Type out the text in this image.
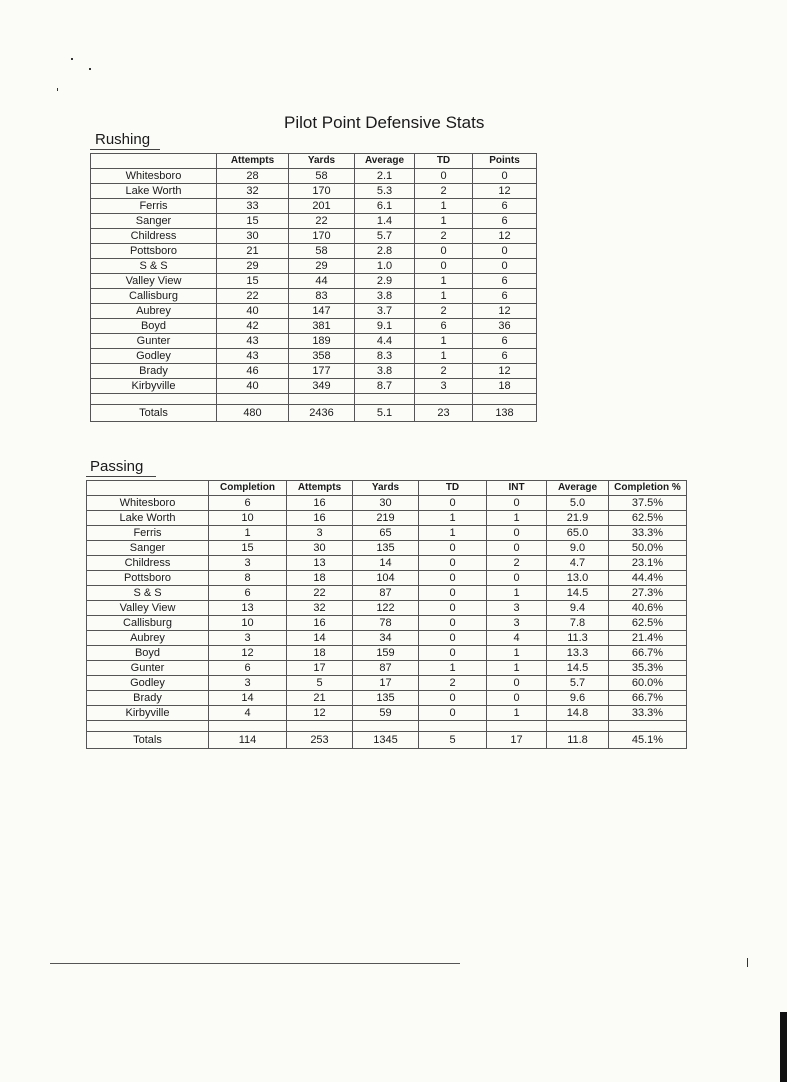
Pilot Point Defensive Stats
Rushing
	Attempts	Yards	Average	TD	Points
Whitesboro	28	58	2.1	0	0
Lake Worth	32	170	5.3	2	12
Ferris	33	201	6.1	1	6
Sanger	15	22	1.4	1	6
Childress	30	170	5.7	2	12
Pottsboro	21	58	2.8	0	0
S & S	29	29	1.0	0	0
Valley View	15	44	2.9	1	6
Callisburg	22	83	3.8	1	6
Aubrey	40	147	3.7	2	12
Boyd	42	381	9.1	6	36
Gunter	43	189	4.4	1	6
Godley	43	358	8.3	1	6
Brady	46	177	3.8	2	12
Kirbyville	40	349	8.7	3	18

Totals	480	2436	5.1	23	138
Passing
	Completion	Attempts	Yards	TD	INT	Average	Completion %
Whitesboro	6	16	30	0	0	5.0	37.5%
Lake Worth	10	16	219	1	1	21.9	62.5%
Ferris	1	3	65	1	0	65.0	33.3%
Sanger	15	30	135	0	0	9.0	50.0%
Childress	3	13	14	0	2	4.7	23.1%
Pottsboro	8	18	104	0	0	13.0	44.4%
S & S	6	22	87	0	1	14.5	27.3%
Valley View	13	32	122	0	3	9.4	40.6%
Callisburg	10	16	78	0	3	7.8	62.5%
Aubrey	3	14	34	0	4	11.3	21.4%
Boyd	12	18	159	0	1	13.3	66.7%
Gunter	6	17	87	1	1	14.5	35.3%
Godley	3	5	17	2	0	5.7	60.0%
Brady	14	21	135	0	0	9.6	66.7%
Kirbyville	4	12	59	0	1	14.8	33.3%

Totals	114	253	1345	5	17	11.8	45.1%
